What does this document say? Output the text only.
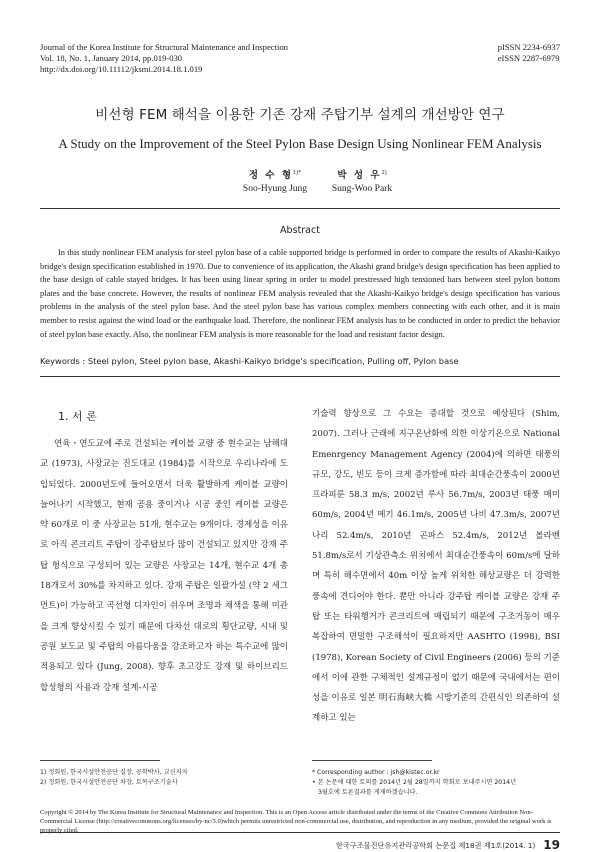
Journal of the Korea Institute for Structural Maintenance and Inspection
Vol. 18, No. 1, January 2014, pp.019-030
http://dx.doi.org/10.11112/jksmi.2014.18.1.019
pISSN 2234-6937
eISSN 2287-6979
비선형 FEM 해석을 이용한 기존 강재 주탑기부 설계의 개선방안 연구
A Study on the Improvement of the Steel Pylon Base Design Using Nonlinear FEM Analysis
정 수 형$^{1)*}$
Soo-Hyung Jung
박 성 우$^{2)}$
Sung-Woo Park
Abstract

In this study nonlinear FEM analysis for steel pylon base of a cable supported bridge is performed in order to compare the results of Akashi-Kaikyo bridge's design specification established in 1970. Due to convenience of its application, the Akashi grand bridge's design specification has been applied to the base design of cable stayed bridges. It has been using linear spring in order to model prestressed high tensioned bars between steel pylon bottom plates and the base concrete. However, the results of nonlinear FEM analysis revealed that the Akashi-Kaikyo bridge's design specification has various problems in the analysis of the steel pylon base. And the steel pylon base has various complex members connecting with each other, and it is main member to resist against the wind load or the earthquake load. Therefore, the nonlinear FEM analysis has to be conducted in order to predict the behavior of steel pylon base exactly. Also, the nonlinear FEM analysis is more reasonable for the load and resistant factor design.

Keywords : Steel pylon, Steel pylon base, Akashi-Kaikyo bridge's specification, Pulling off, Pylon base
1. 서 론

연육・연도교에 주로 건설되는 케이블 교량 중 현수교는 남해대교 (1973), 사장교는 진도대교 (1984)를 시작으로 우리나라에 도입되었다. 2000년도에 들어오면서 더욱 활발하게 케이블 교량이 늘어나기 시작했고, 현재 공용 중이거나 시공 중인 케이블 교량은 약 60개로 이 중 사장교는 51개, 현수교는 9개이다. 경제성을 이유로 아직 콘크리트 주탑이 강주탑보다 많이 건설되고 있지만 강재 주탑 형식으로 구성되어 있는 교량은 사장교는 14개, 현수교 4개 총 18개로서 30%를 차지하고 있다. 강재 주탑은 일괄가설 (약 2 세그먼트)이 가능하고 곡선형 디자인이 쉬우며 조명과 채색을 통해 미관을 크게 향상시킬 수 있기 때문에 다차선 대로의 횡단교량, 시내 및 공원 보도교 및 주탑의 아름다움을 강조하고자 하는 특수교에 많이 적용되고 있다 (Jung, 2008). 향후 초고강도 강재 및 하이브리드 합성형의 사용과 강재 설계-시공

기술력 향상으로 그 수요는 증대할 것으로 예상된다 (Shim, 2007). 그러나 근래에 지구온난화에 의한 이상기온으로 National Emenrgency Management Agency (2004)에 의하면 태풍의 규모, 강도, 빈도 등이 크게 증가함에 따라 최대순간풍속이 2000년 프라피룬 58.3 m/s, 2002년 루사 56.7m/s, 2003년 태풍 매미 60m/s, 2004년 메기 46.1m/s, 2005년 나비 47.3m/s, 2007년 나리 52.4m/s, 2010년 곤파스 52.4m/s, 2012년 볼라벤 51.8m/s로서 기상관측소 위치에서 최대순간풍속이 60m/s에 달하며 특히 해수면에서 40m 이상 높게 위치한 해상교량은 더 강력한 풍속에 견디어야 한다. 뿐만 아니라 강주탑 케이블 교량은 강재 주탑 또는 타워행거가 콘크리트에 매립되기 때문에 구조거동이 매우 복잡하여 면밀한 구조해석이 필요하지만 AASHTO (1998), BSI (1978), Korean Society of Civil Engineers (2006) 등의 기준에서 이에 관한 구체적인 설계규정이 없기 때문에 국내에서는 편이성을 이유로 일본 明石海峡大橋 시방기준의 간편식인 의존하여 설계하고 있는

1) 정회원, 한국시설안전공단 실장, 공학박사, 교신저자
2) 정회원, 한국시설안전공단 차장, 토목구조기술사
* Corresponding author : jsh@kistec.or.kr
• 본 논문에 대한 토의를 2014년 2월 28일까지 학회로 보내주시면 2014년
3월호에 토론결과를 게재하겠습니다.
Copyright © 2014 by The Korea Institute for Structural Maintenance and Inspection. This is an Open Access article distributed under the terms of the Creative Commons Attribution Non-Commercial License (http://creativecommons.org/licenses/by-nc/3.0)which permits unrestricted non-commercial use, distribution, and reproduction in any medium, provided the original work is properly cited.
한국구조물진단유지관리공학회 논문집 제18권 제1호(2014. 1) 19
